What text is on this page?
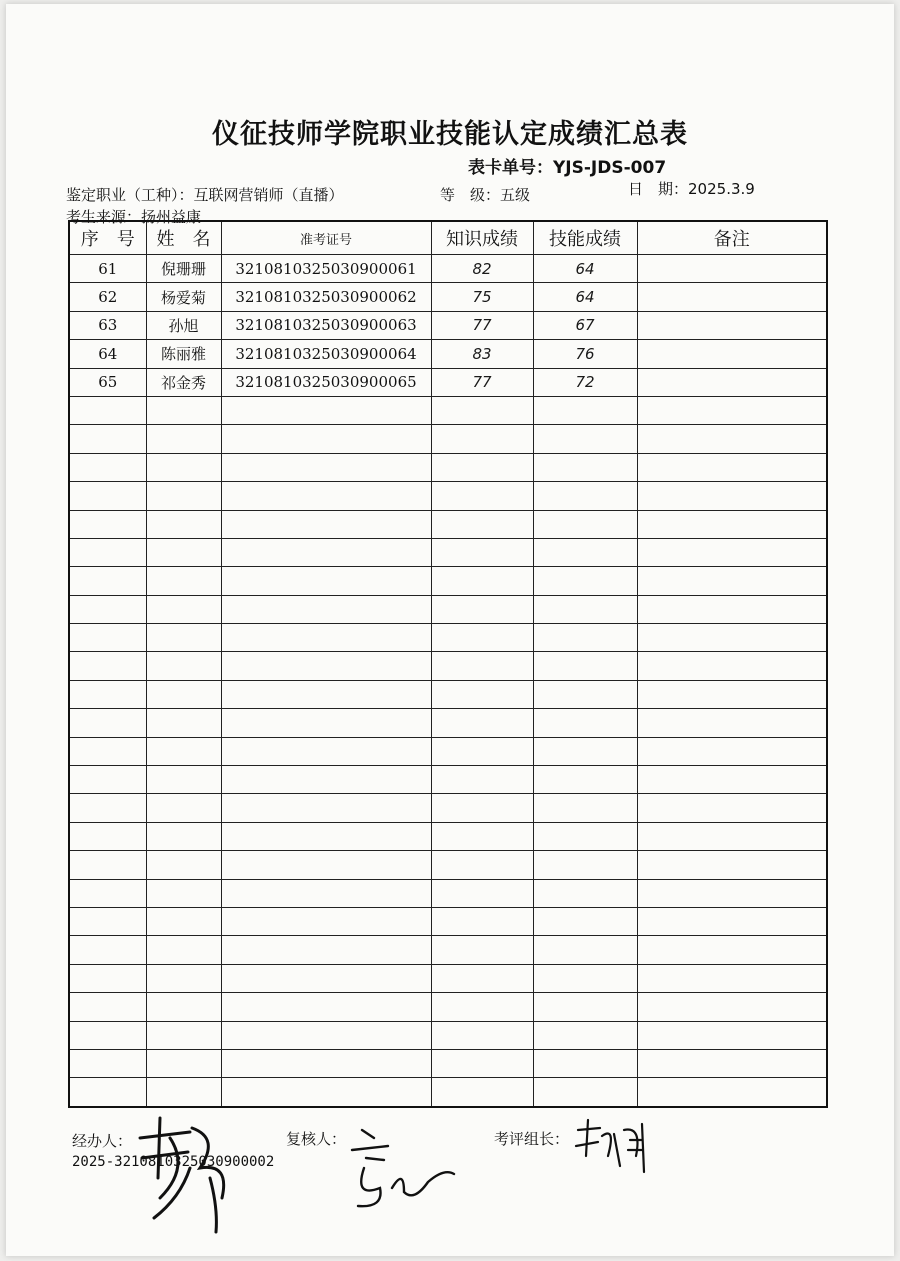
仪征技师学院职业技能认定成绩汇总表
表卡单号：YJS-JDS-007
鉴定职业（工种）：互联网营销师（直播）	等　级：五级	日　期：2025.3.9
考生来源：扬州益康
序　号	姓　名	准考证号	知识成绩	技能成绩	备注
61	倪珊珊	3210810325030900061	82	64	
62	杨爱菊	3210810325030900062	75	64	
63	孙旭	3210810325030900063	77	67	
64	陈丽雅	3210810325030900064	83	76	
65	祁金秀	3210810325030900065	77	72	

经办人：	复核人：	考评组长：
2025-3210810325030900002
